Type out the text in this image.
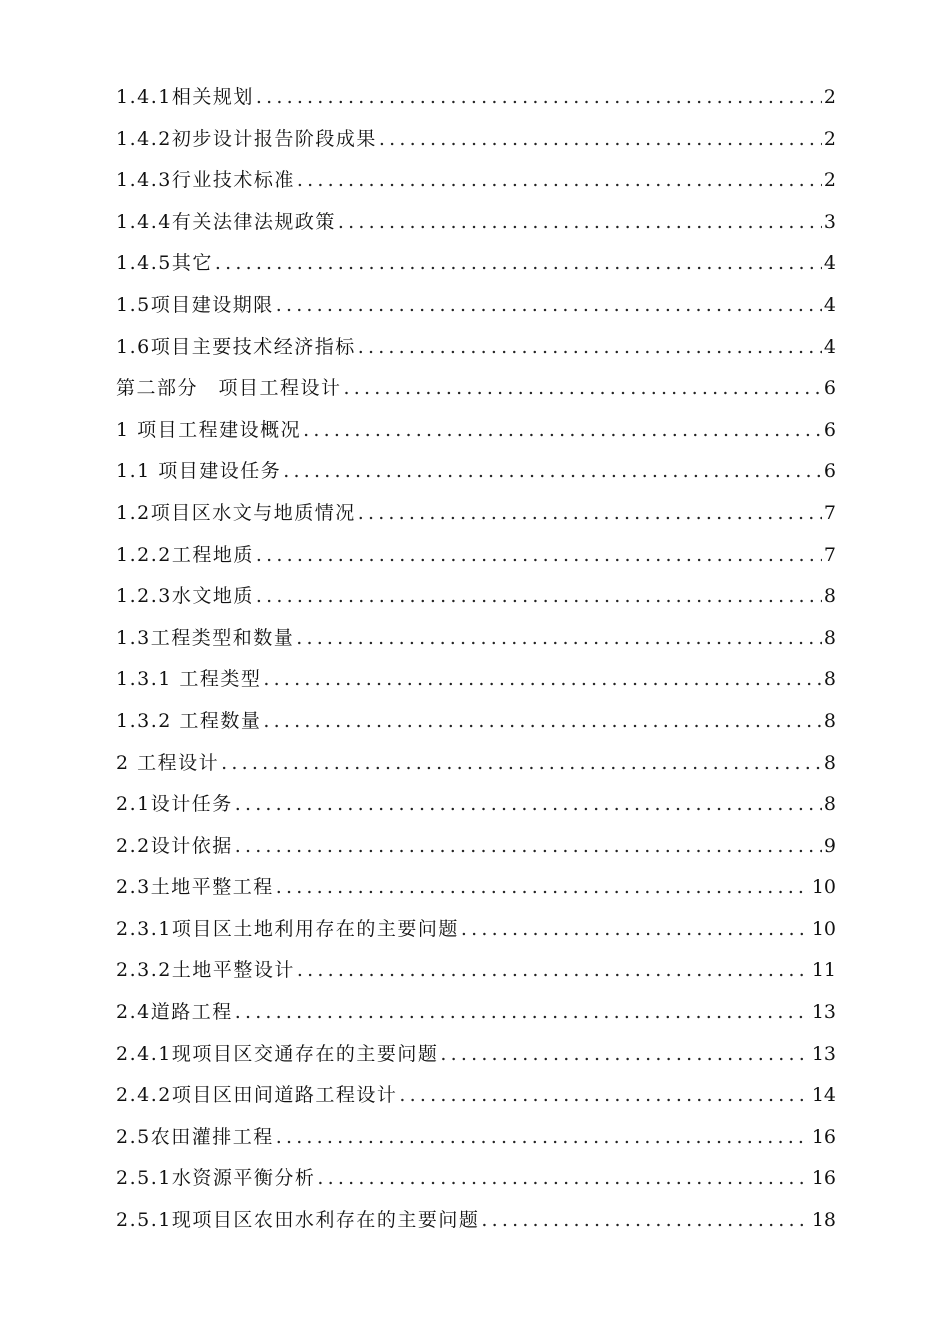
1.4.1相关规划 .....	2
1.4.2初步设计报告阶段成果 .....	2
1.4.3行业技术标准 .....	2
1.4.4有关法律法规政策 .....	3
1.4.5其它 .....	4
1.5项目建设期限 .....	4
1.6项目主要技术经济指标 .....	4
第二部分　项目工程设计 .....	6
1 项目工程建设概况 .....	6
1.1 项目建设任务 .....	6
1.2项目区水文与地质情况 .....	7
1.2.2工程地质 .....	7
1.2.3水文地质 .....	8
1.3工程类型和数量 .....	8
1.3.1 工程类型 .....	8
1.3.2 工程数量 .....	8
2 工程设计 .....	8
2.1设计任务 .....	8
2.2设计依据 .....	9
2.3土地平整工程 .....	10
2.3.1项目区土地利用存在的主要问题 .....	10
2.3.2土地平整设计 .....	11
2.4道路工程 .....	13
2.4.1现项目区交通存在的主要问题 .....	13
2.4.2项目区田间道路工程设计 .....	14
2.5农田灌排工程 .....	16
2.5.1水资源平衡分析 .....	16
2.5.1现项目区农田水利存在的主要问题 .....	18
